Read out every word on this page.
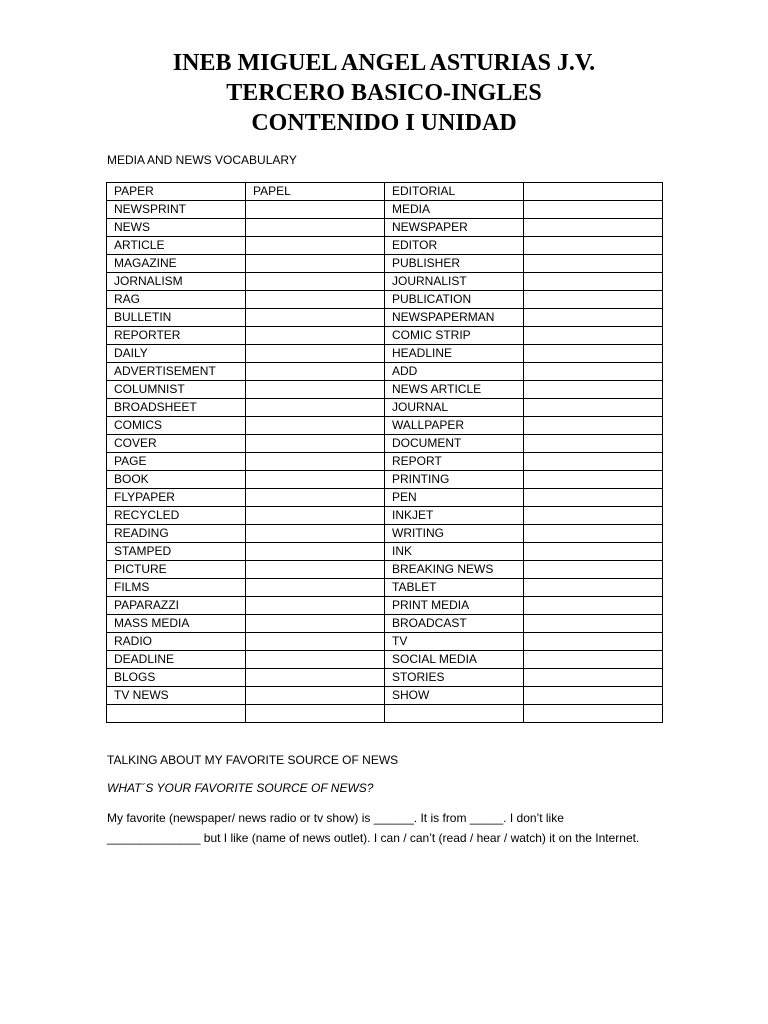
INEB MIGUEL ANGEL ASTURIAS J.V.
TERCERO BASICO-INGLES
CONTENIDO I UNIDAD
MEDIA AND NEWS VOCABULARY
PAPER	PAPEL	EDITORIAL	
NEWSPRINT		MEDIA	
NEWS		NEWSPAPER	
ARTICLE		EDITOR	
MAGAZINE		PUBLISHER	
JORNALISM		JOURNALIST	
RAG		PUBLICATION	
BULLETIN		NEWSPAPERMAN	
REPORTER		COMIC STRIP	
DAILY		HEADLINE	
ADVERTISEMENT		ADD	
COLUMNIST		NEWS ARTICLE	
BROADSHEET		JOURNAL	
COMICS		WALLPAPER	
COVER		DOCUMENT	
PAGE		REPORT	
BOOK		PRINTING	
FLYPAPER		PEN	
RECYCLED		INKJET	
READING		WRITING	
STAMPED		INK	
PICTURE		BREAKING NEWS	
FILMS		TABLET	
PAPARAZZI		PRINT MEDIA	
MASS MEDIA		BROADCAST	
RADIO		TV	
DEADLINE		SOCIAL MEDIA	
BLOGS		STORIES	
TV NEWS		SHOW	

TALKING ABOUT MY FAVORITE SOURCE OF NEWS
WHAT´S YOUR FAVORITE SOURCE OF NEWS?
My favorite (newspaper/ news radio or tv show) is ______. It is from _____. I don’t like ______________ but I like (name of news outlet). I can / can’t (read / hear / watch) it on the Internet.
